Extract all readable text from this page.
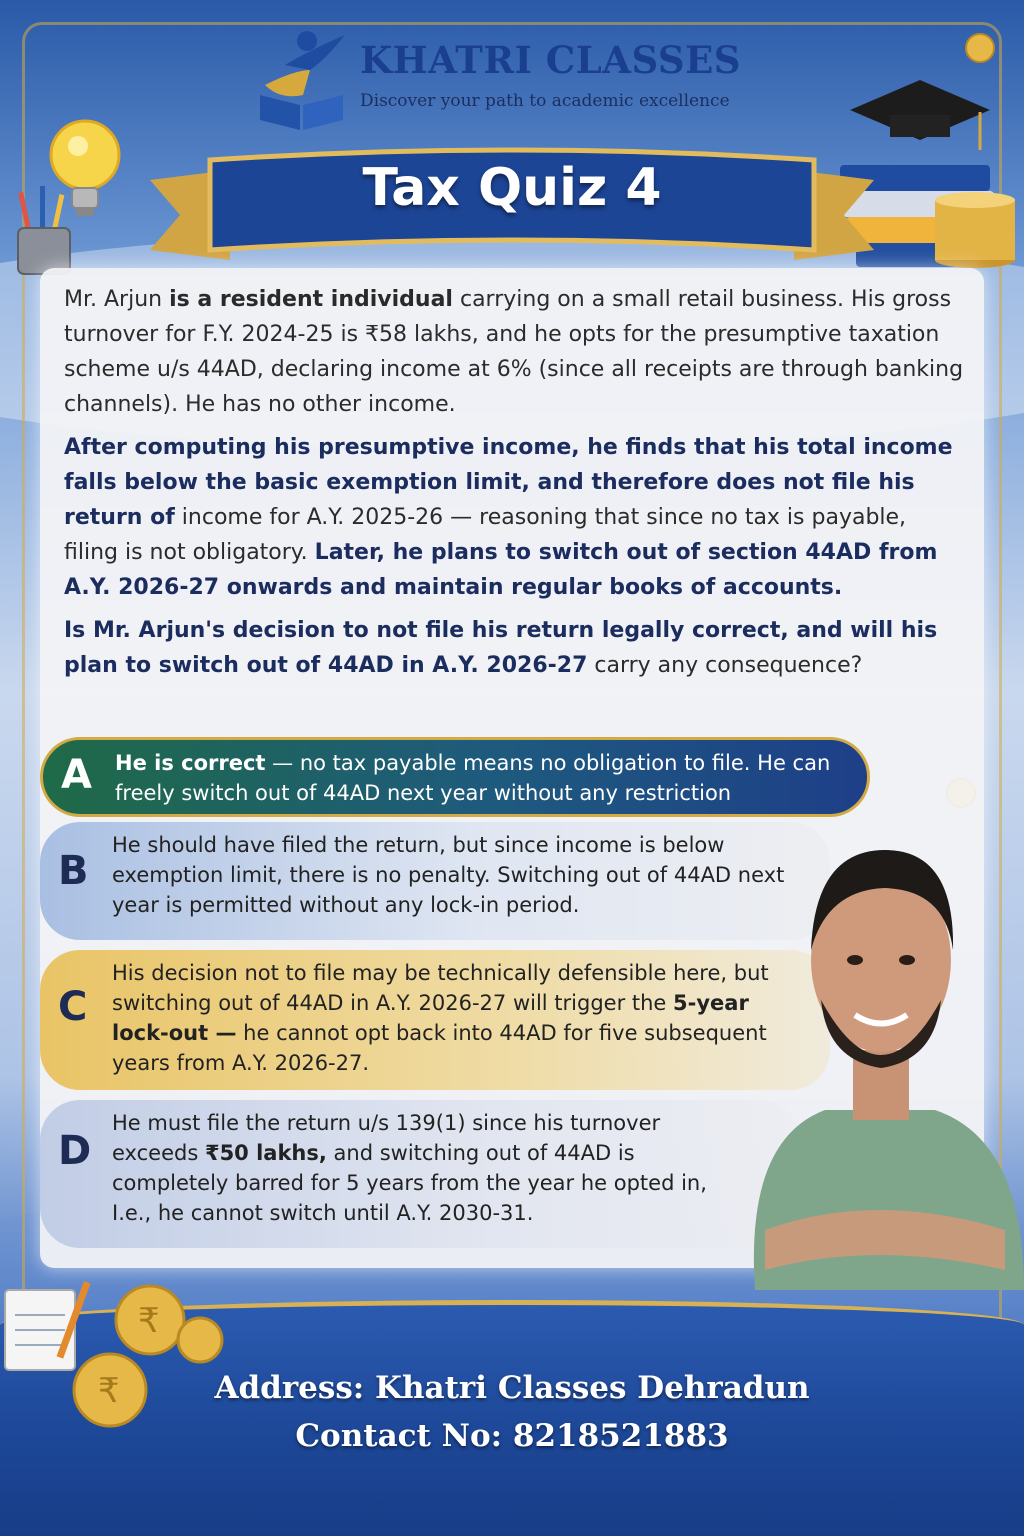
KHATRI CLASSES
Discover your path to academic excellence
Tax Quiz 4

Mr. Arjun is a resident individual carrying on a small retail business. His gross turnover for F.Y. 2024-25 is ₹58 lakhs, and he opts for the presumptive taxation scheme u/s 44AD, declaring income at 6% (since all receipts are through banking channels). He has no other income.

After computing his presumptive income, he finds that his total income falls below the basic exemption limit, and therefore does not file his return of income for A.Y. 2025-26 — reasoning that since no tax is payable, filing is not obligatory. Later, he plans to switch out of section 44AD from A.Y. 2026-27 onwards and maintain regular books of accounts.

Is Mr. Arjun's decision to not file his return legally correct, and will his plan to switch out of 44AD in A.Y. 2026-27 carry any consequence?

A He is correct — no tax payable means no obligation to file. He can freely switch out of 44AD next year without any restriction
B
He should have filed the return, but since income is below exemption limit, there is no penalty. Switching out of 44AD next year is permitted without any lock-in period.
C
His decision not to file may be technically defensible here, but switching out of 44AD in A.Y. 2026-27 will trigger the 5-year lock-out — he cannot opt back into 44AD for five subsequent years from A.Y. 2026-27.
D
He must file the return u/s 139(1) since his turnover exceeds ₹50 lakhs, and switching out of 44AD is completely barred for 5 years from the year he opted in, I.e., he cannot switch until A.Y. 2030-31.
₹
₹	Address: Khatri Classes Dehradun
Contact No: 8218521883
